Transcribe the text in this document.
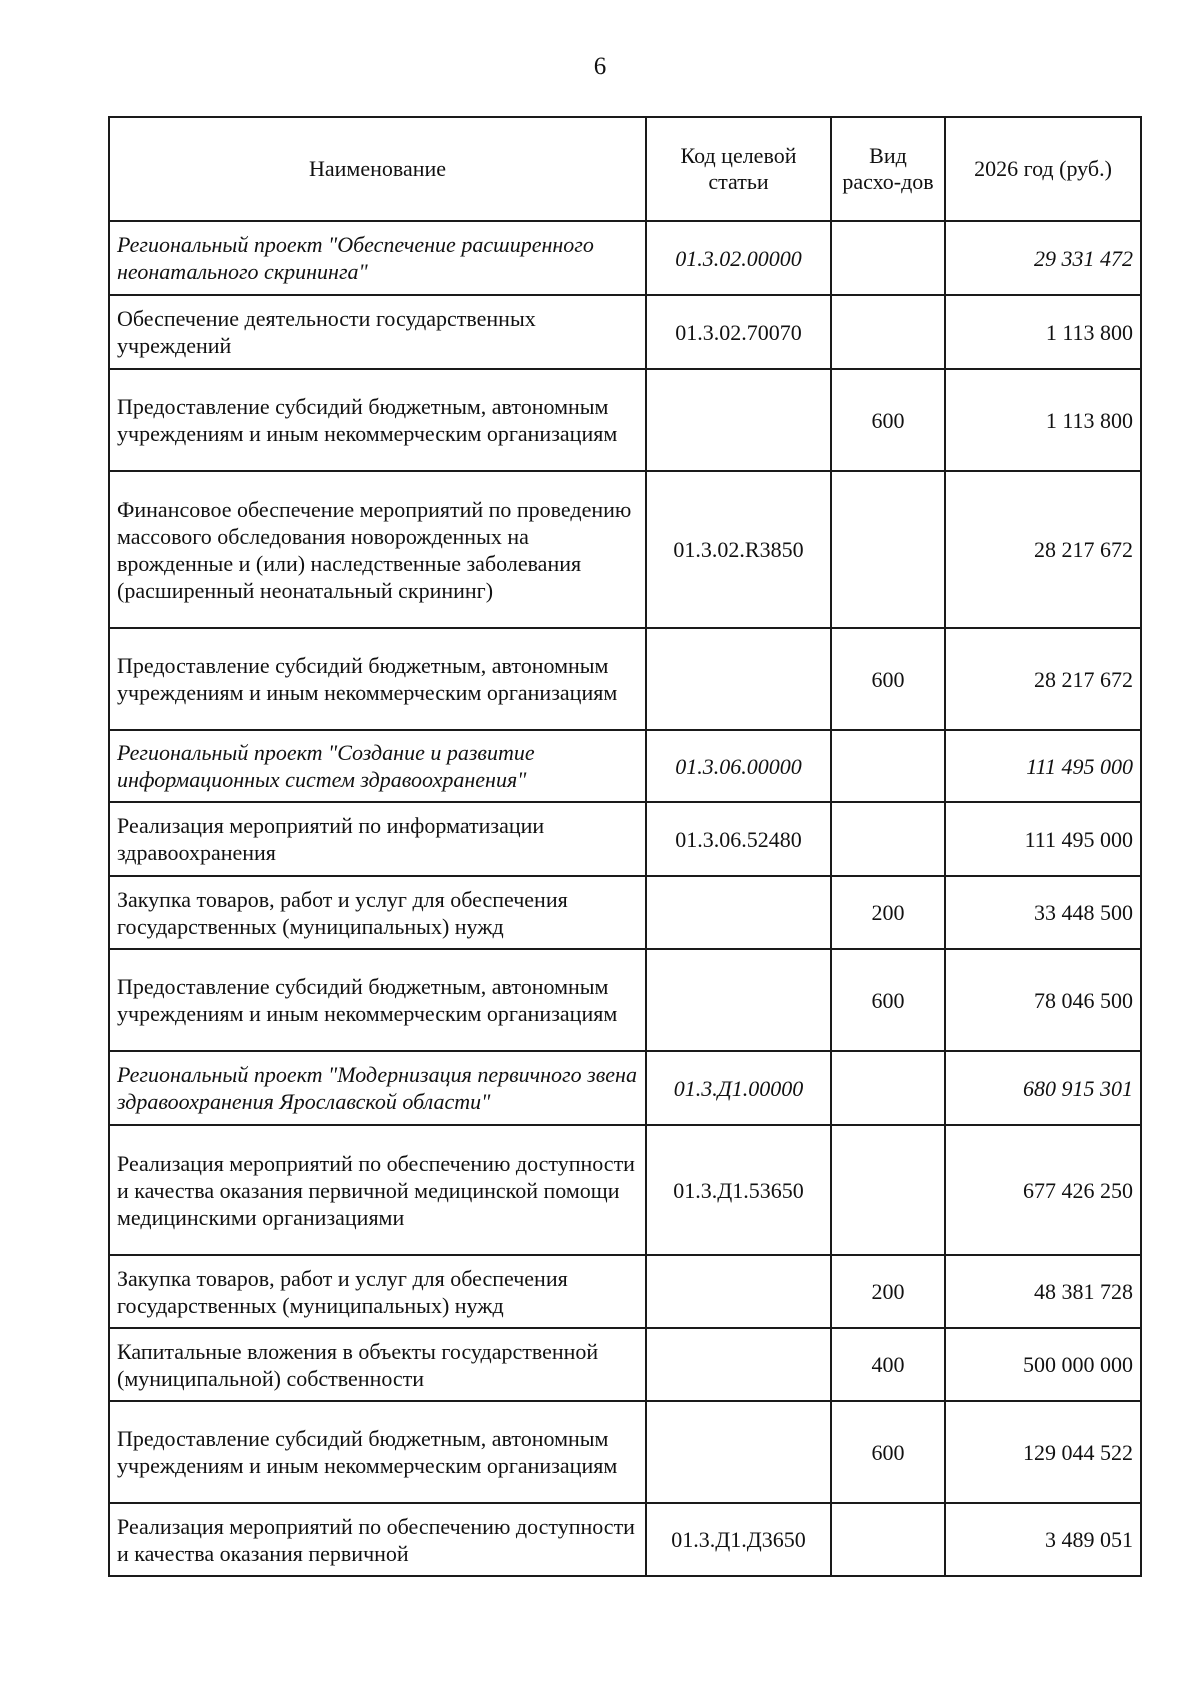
6
Наименование	Код целевой статьи	Вид расхо-дов	2026 год (руб.)
Региональный проект "Обеспечение расширенного неонатального скрининга"	01.3.02.00000		29 331 472
Обеспечение деятельности государственных учреждений	01.3.02.70070		1 113 800
Предоставление субсидий бюджетным, автономным учреждениям и иным некоммерческим организациям		600	1 113 800
Финансовое обеспечение мероприятий по проведению массового обследования новорожденных на врожденные и (или) наследственные заболевания (расширенный неонатальный скрининг)	01.3.02.R3850		28 217 672
Предоставление субсидий бюджетным, автономным учреждениям и иным некоммерческим организациям		600	28 217 672
Региональный проект "Создание и развитие информационных систем здравоохранения"	01.3.06.00000		111 495 000
Реализация мероприятий по информатизации здравоохранения	01.3.06.52480		111 495 000
Закупка товаров, работ и услуг для обеспечения государственных (муниципальных) нужд		200	33 448 500
Предоставление субсидий бюджетным, автономным учреждениям и иным некоммерческим организациям		600	78 046 500
Региональный проект "Модернизация первичного звена здравоохранения Ярославской области"	01.3.Д1.00000		680 915 301
Реализация мероприятий по обеспечению доступности и качества оказания первичной медицинской помощи медицинскими организациями	01.3.Д1.53650		677 426 250
Закупка товаров, работ и услуг для обеспечения государственных (муниципальных) нужд		200	48 381 728
Капитальные вложения в объекты государственной (муниципальной) собственности		400	500 000 000
Предоставление субсидий бюджетным, автономным учреждениям и иным некоммерческим организациям		600	129 044 522
Реализация мероприятий по обеспечению доступности и качества оказания первичной	01.3.Д1.Д3650		3 489 051
